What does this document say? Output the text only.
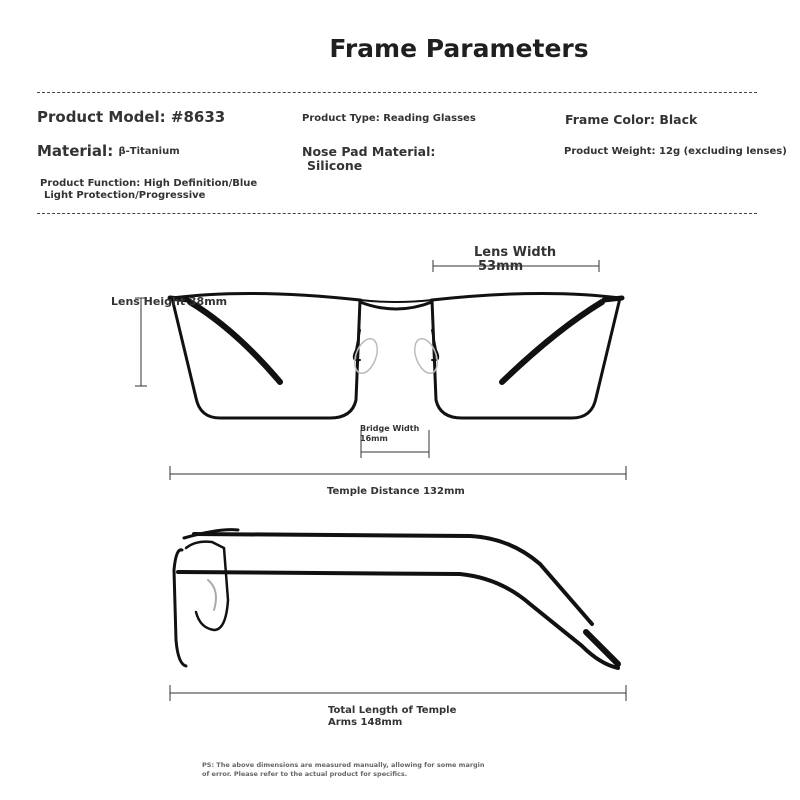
Frame Parameters
Product Model: #8633	Product Type: Reading Glasses	Frame Color: Black
Material: β-Titanium	Nose Pad Material:
Silicone
Product Weight: 12g (excluding lenses)
Product Function: High Definition/Blue
Light Protection/Progressive
Lens Width
53mm
Lens Height 38mm
Bridge Width
16mm
Temple Distance 132mm
Total Length of Temple
Arms 148mm
PS: The above dimensions are measured manually, allowing for some margin
of error. Please refer to the actual product for specifics.
